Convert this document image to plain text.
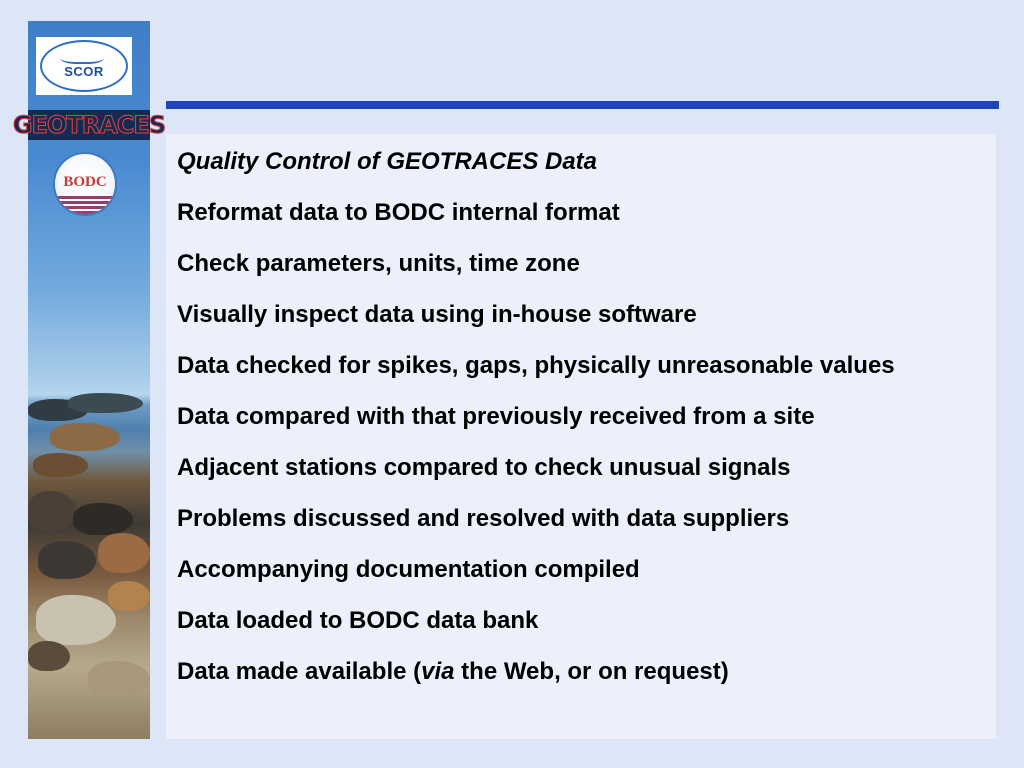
SCOR
GEOTRACES
BODC
Quality Control of GEOTRACES Data
Reformat data to BODC internal format
Check parameters, units, time zone
Visually inspect data using in-house software
Data checked for spikes, gaps, physically unreasonable values
Data compared with that previously received from a site
Adjacent stations compared to check unusual signals
Problems discussed and resolved with data suppliers
Accompanying documentation compiled
Data loaded to BODC data bank
Data made available (via the Web, or on request)
